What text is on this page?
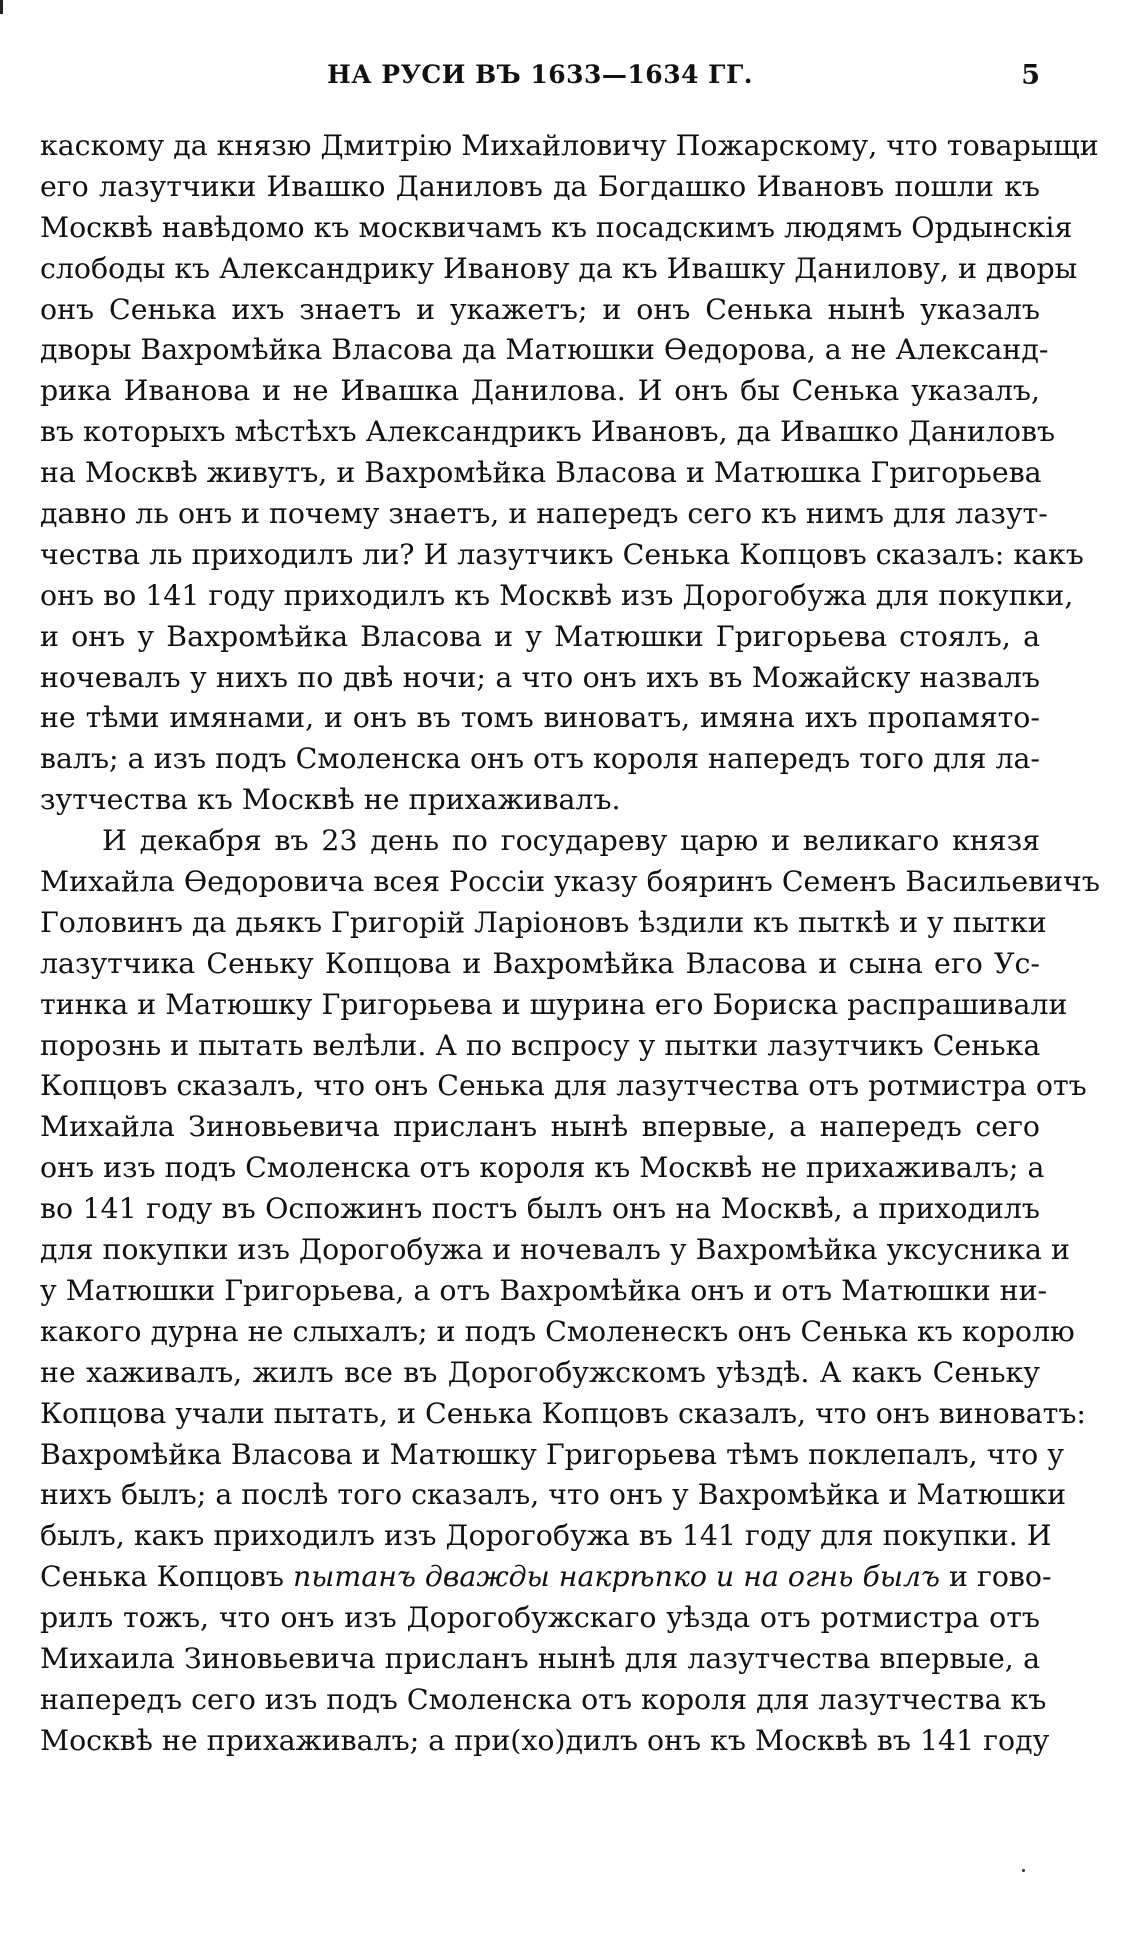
НА РУСИ ВЪ 1633—1634 ГГ.	5
каскому да князю Дмитрію Михайловичу Пожарскому, что товарыщи
его лазутчики Ивашко Даниловъ да Богдашко Ивановъ пошли къ
Москвѣ навѣдомо къ москвичамъ къ посадскимъ людямъ Ордынскія
слободы къ Александрику Иванову да къ Ивашку Данилову, и дворы
онъ Сенька ихъ знаетъ и укажетъ; и онъ Сенька нынѣ указалъ
дворы Вахромѣйка Власова да Матюшки Ѳедорова, а не Александ-
рика Иванова и не Ивашка Данилова. И онъ бы Сенька указалъ,
въ которыхъ мѣстѣхъ Александрикъ Ивановъ, да Ивашко Даниловъ
на Москвѣ живутъ, и Вахромѣйка Власова и Матюшка Григорьева
давно ль онъ и почему знаетъ, и напередъ сего къ нимъ для лазут-
чества ль приходилъ ли? И лазутчикъ Сенька Копцовъ сказалъ: какъ
онъ во 141 году приходилъ къ Москвѣ изъ Дорогобужа для покупки,
и онъ у Вахромѣйка Власова и у Матюшки Григорьева стоялъ, а
ночевалъ у нихъ по двѣ ночи; а что онъ ихъ въ Можайску назвалъ
не тѣми имянами, и онъ въ томъ виноватъ, имяна ихъ пропамято-
валъ; а изъ подъ Смоленска онъ отъ короля напередъ того для ла-
зутчества къ Москвѣ не прихаживалъ.
И декабря въ 23 день по государеву царю и великаго князя
Михайла Ѳедоровича всея Россіи указу бояринъ Семенъ Васильевичъ
Головинъ да дьякъ Григорій Ларіоновъ ѣздили къ пыткѣ и у пытки
лазутчика Сеньку Копцова и Вахромѣйка Власова и сына его Ус-
тинка и Матюшку Григорьева и шурина его Бориска распрашивали
порознь и пытать велѣли. А по вспросу у пытки лазутчикъ Сенька
Копцовъ сказалъ, что онъ Сенька для лазутчества отъ ротмистра отъ
Михайла Зиновьевича присланъ нынѣ впервые, а напередъ сего
онъ изъ подъ Смоленска отъ короля къ Москвѣ не прихаживалъ; а
во 141 году въ Оспожинъ постъ былъ онъ на Москвѣ, а приходилъ
для покупки изъ Дорогобужа и ночевалъ у Вахромѣйка уксусника и
у Матюшки Григорьева, а отъ Вахромѣйка онъ и отъ Матюшки ни-
какого дурна не слыхалъ; и подъ Смоленескъ онъ Сенька къ королю
не хаживалъ, жилъ все въ Дорогобужскомъ уѣздѣ. А какъ Сеньку
Копцова учали пытать, и Сенька Копцовъ сказалъ, что онъ виноватъ:
Вахромѣйка Власова и Матюшку Григорьева тѣмъ поклепалъ, что у
нихъ былъ; а послѣ того сказалъ, что онъ у Вахромѣйка и Матюшки
былъ, какъ приходилъ изъ Дорогобужа въ 141 году для покупки. И
Сенька Копцовъ пытанъ дважды накрѣпко и на огнь былъ и гово-
рилъ тожъ, что онъ изъ Дорогобужскаго уѣзда отъ ротмистра отъ
Михаила Зиновьевича присланъ нынѣ для лазутчества впервые, а
напередъ сего изъ подъ Смоленска отъ короля для лазутчества къ
Москвѣ не прихаживалъ; а при(хо)дилъ онъ къ Москвѣ въ 141 году
